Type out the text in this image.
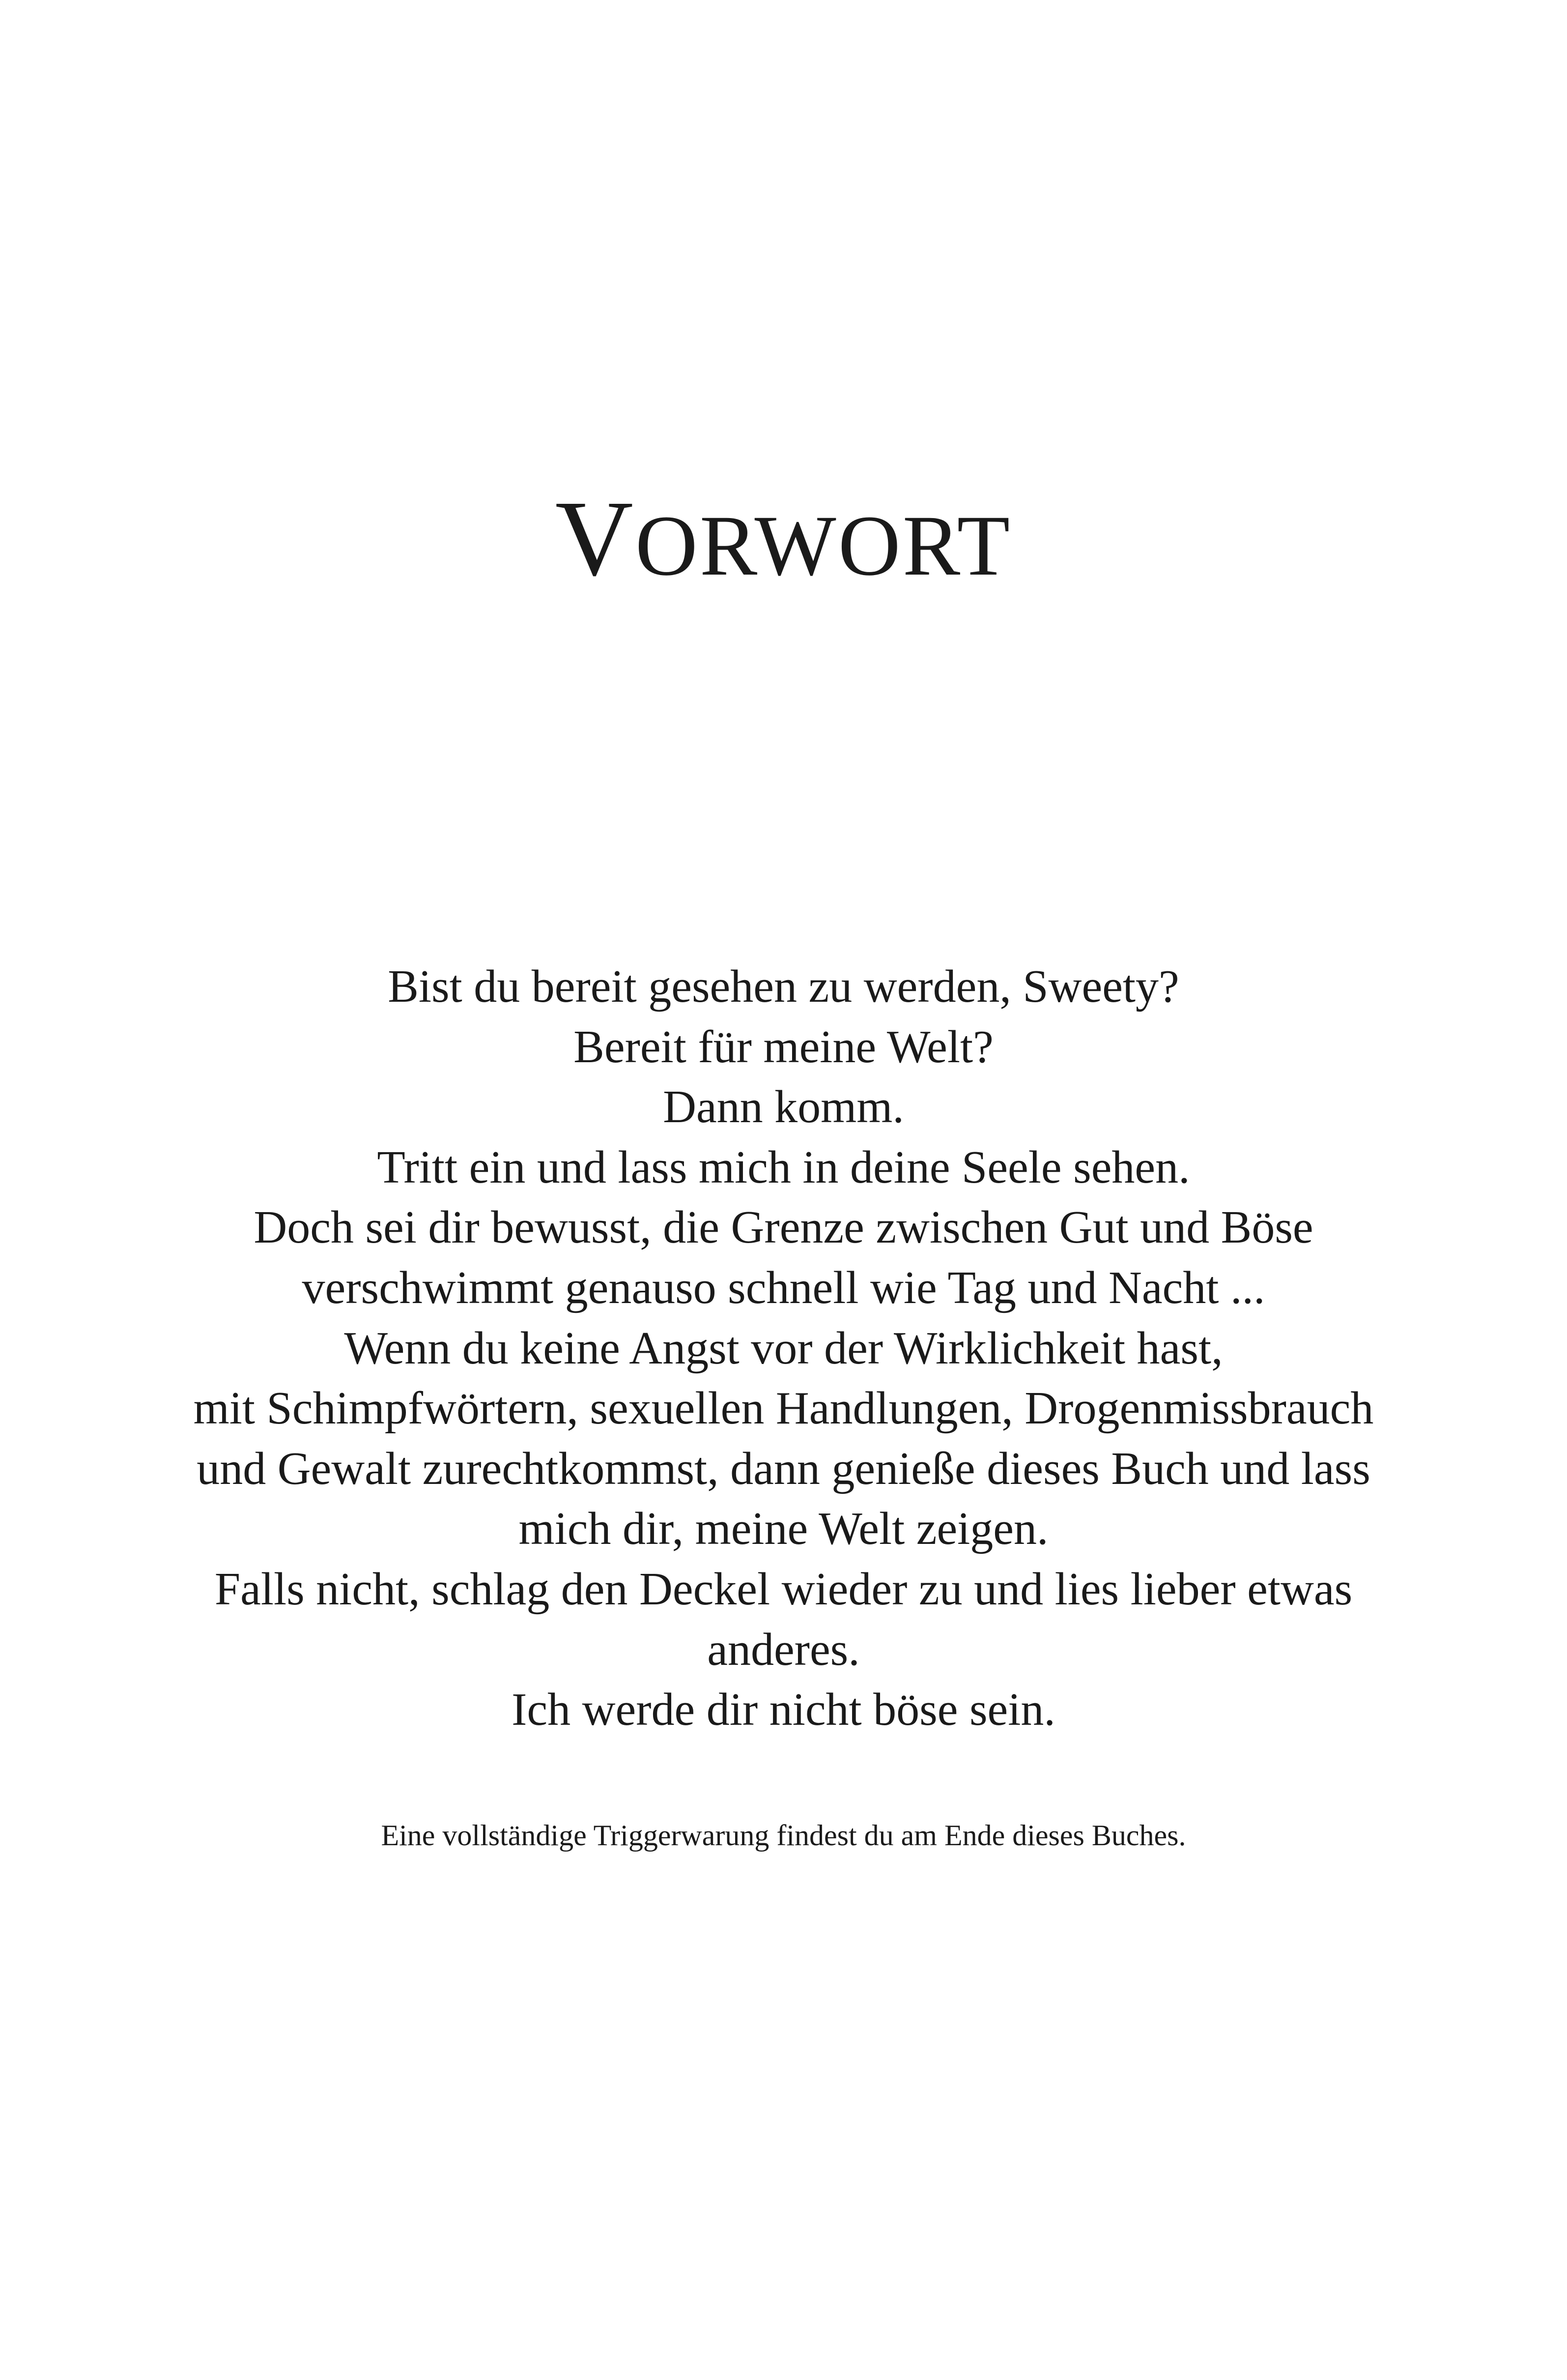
VORWORT
Bist du bereit gesehen zu werden, Sweety?
Bereit für meine Welt?
Dann komm.
Tritt ein und lass mich in deine Seele sehen.
Doch sei dir bewusst, die Grenze zwischen Gut und Böse
verschwimmt genauso schnell wie Tag und Nacht ...
Wenn du keine Angst vor der Wirklichkeit hast,
mit Schimpfwörtern, sexuellen Handlungen, Drogenmissbrauch
und Gewalt zurechtkommst, dann genieße dieses Buch und lass
mich dir, meine Welt zeigen.
Falls nicht, schlag den Deckel wieder zu und lies lieber etwas
anderes.
Ich werde dir nicht böse sein.

Eine vollständige Triggerwarung findest du am Ende dieses Buches.
